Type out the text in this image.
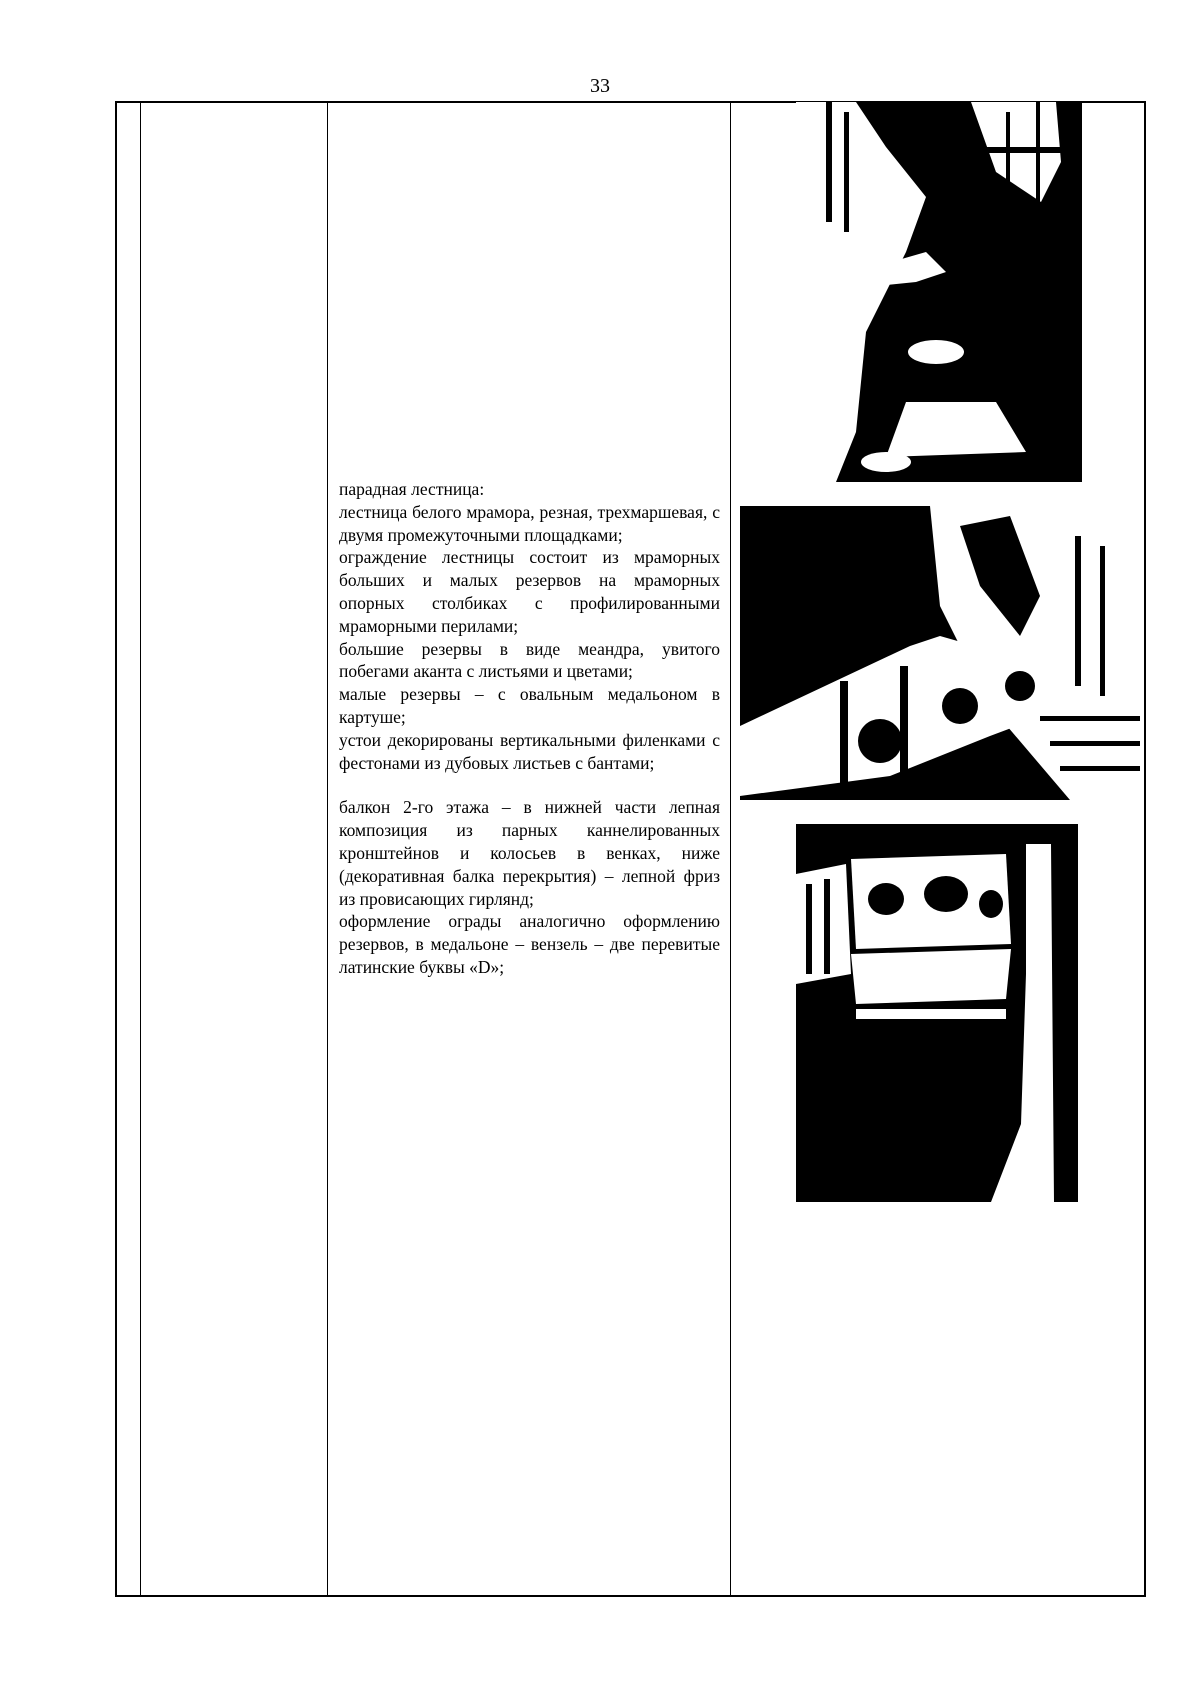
33

парадная лестница:

лестница белого мрамора, резная, трехмаршевая, с двумя промежуточными площадками;

ограждение лестницы состоит из мраморных больших и малых резервов на мраморных опорных столбиках с профилированными мраморными перилами;

большие резервы в виде меандра, увитого побегами аканта с листьями и цветами;

малые резервы – с овальным медальоном в картуше;

устои декорированы вертикальными филенками с фестонами из дубовых листьев с бантами;

балкон 2-го этажа – в нижней части лепная композиция из парных каннелированных кронштейнов и колосьев в венках, ниже (декоративная балка перекрытия) – лепной фриз из провисающих гирлянд;

оформление ограды аналогично оформлению резервов, в медальоне – вензель – две перевитые латинские буквы «D»;
